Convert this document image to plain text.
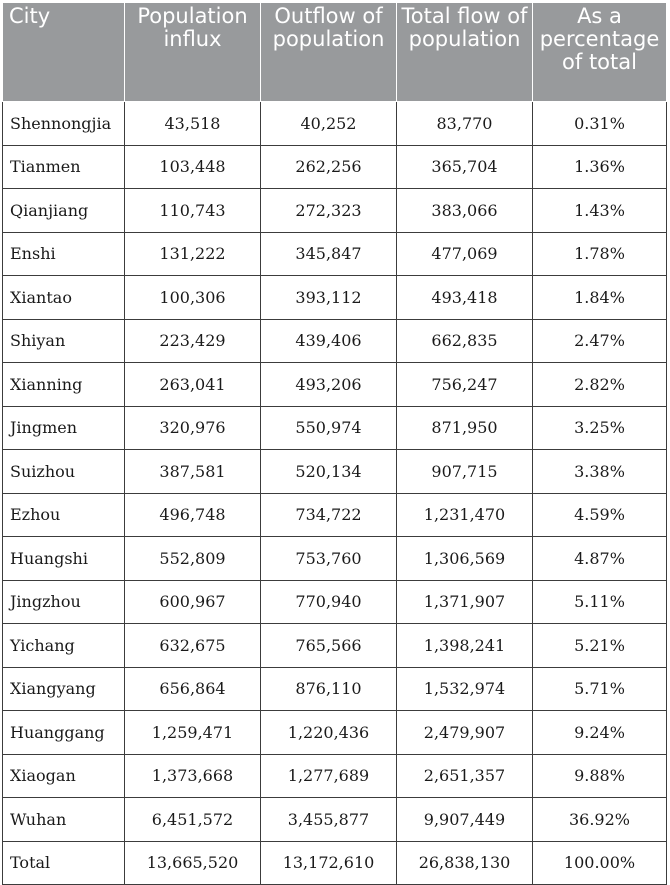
City	Population influx	Outflow of population	Total flow of population	As a percentage of total
Shennongjia	43,518	40,252	83,770	0.31%
Tianmen	103,448	262,256	365,704	1.36%
Qianjiang	110,743	272,323	383,066	1.43%
Enshi	131,222	345,847	477,069	1.78%
Xiantao	100,306	393,112	493,418	1.84%
Shiyan	223,429	439,406	662,835	2.47%
Xianning	263,041	493,206	756,247	2.82%
Jingmen	320,976	550,974	871,950	3.25%
Suizhou	387,581	520,134	907,715	3.38%
Ezhou	496,748	734,722	1,231,470	4.59%
Huangshi	552,809	753,760	1,306,569	4.87%
Jingzhou	600,967	770,940	1,371,907	5.11%
Yichang	632,675	765,566	1,398,241	5.21%
Xiangyang	656,864	876,110	1,532,974	5.71%
Huanggang	1,259,471	1,220,436	2,479,907	9.24%
Xiaogan	1,373,668	1,277,689	2,651,357	9.88%
Wuhan	6,451,572	3,455,877	9,907,449	36.92%
Total	13,665,520	13,172,610	26,838,130	100.00%
